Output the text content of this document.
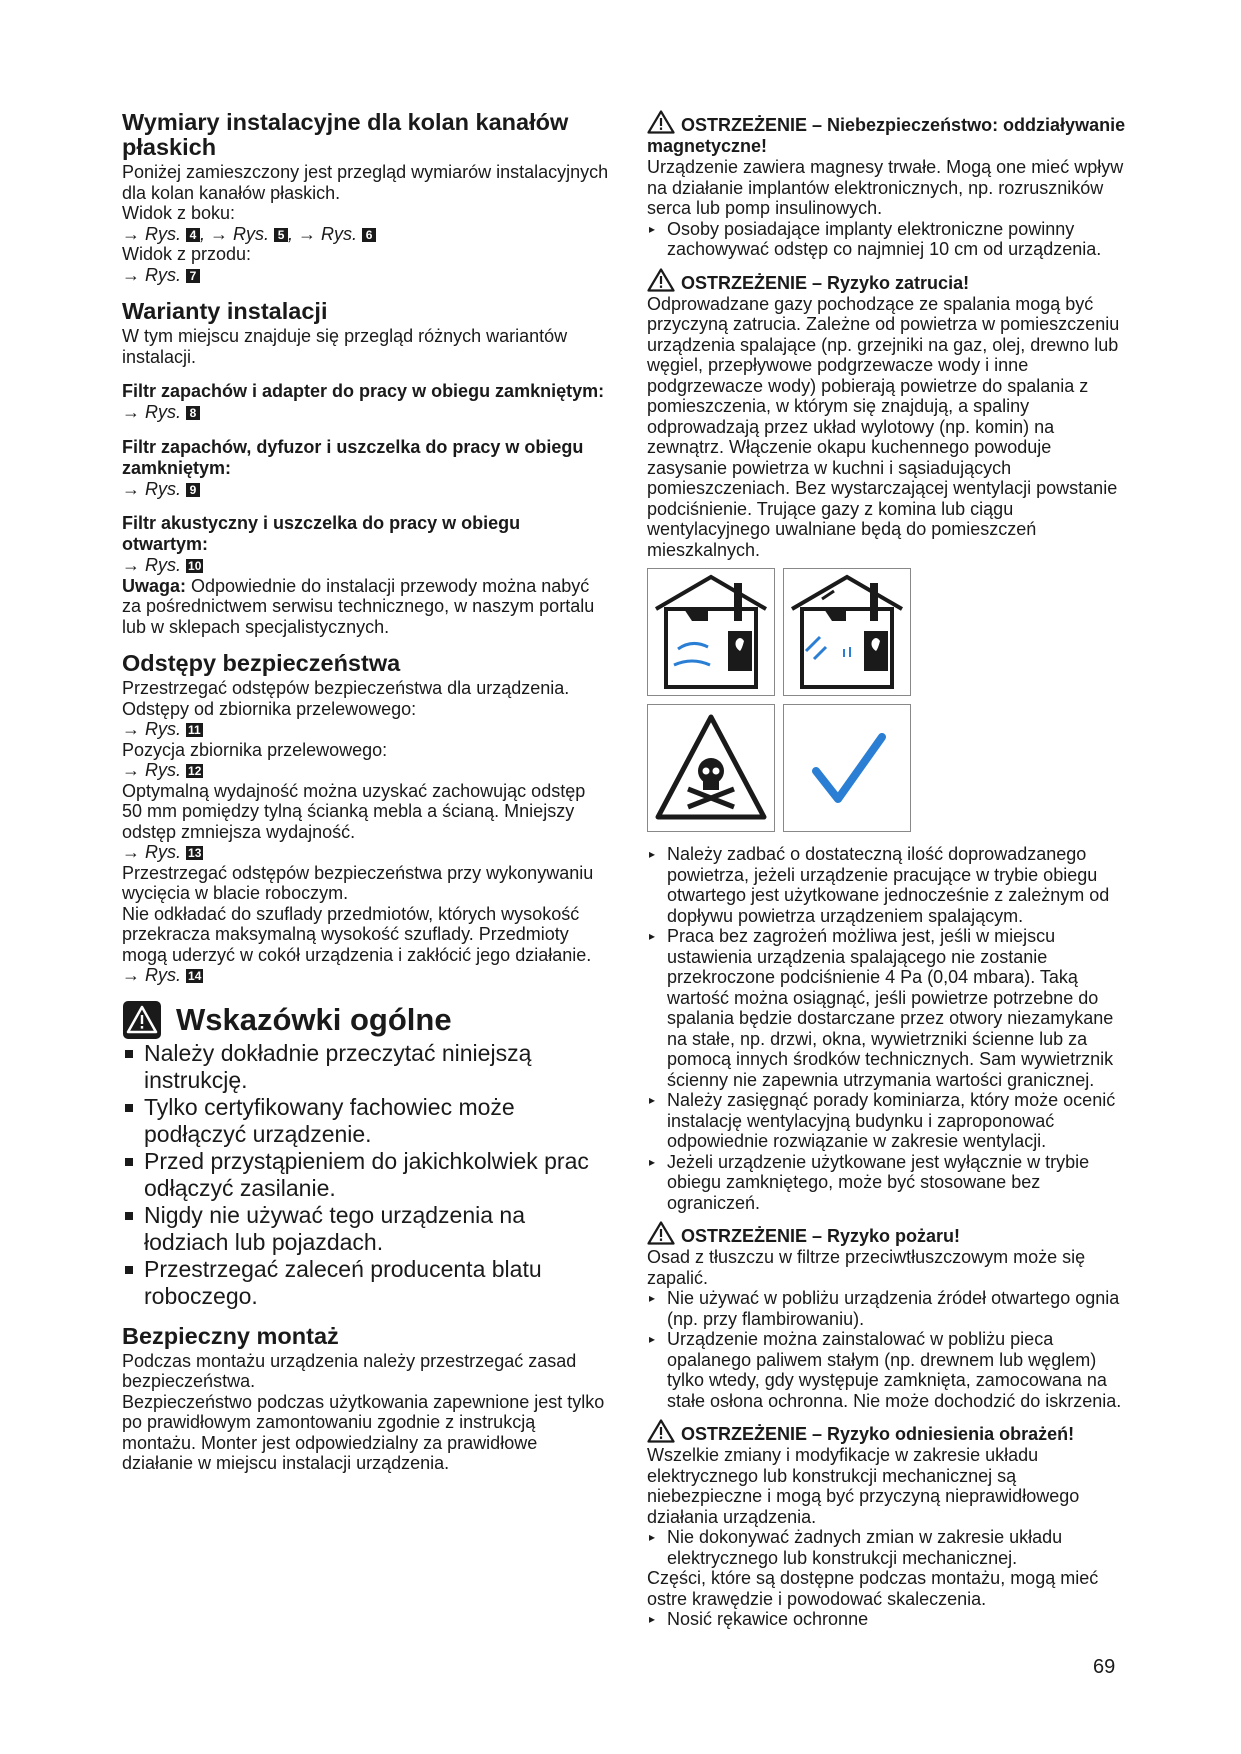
Wymiary instalacyjne dla kolan kanałów płaskich

Poniżej zamieszczony jest przegląd wymiarów instalacyjnych dla kolan kanałów płaskich.

Widok z boku:

→ Rys. 4 , → Rys. 5 , → Rys. 6

Widok z przodu:

→ Rys. 7

Warianty instalacji

W tym miejscu znajduje się przegląd różnych wariantów instalacji.

Filtr zapachów i adapter do pracy w obiegu zamkniętym:

→ Rys. 8

Filtr zapachów, dyfuzor i uszczelka do pracy w obiegu zamkniętym:

→ Rys. 9

Filtr akustyczny i uszczelka do pracy w obiegu otwartym:

→ Rys. 10

Uwaga: Odpowiednie do instalacji przewody można nabyć za pośrednictwem serwisu technicznego, w naszym portalu lub w sklepach specjalistycznych.

Odstępy bezpieczeństwa

Przestrzegać odstępów bezpieczeństwa dla urządzenia.

Odstępy od zbiornika przelewowego:

→ Rys. 11

Pozycja zbiornika przelewowego:

→ Rys. 12

Optymalną wydajność można uzyskać zachowując odstęp 50 mm pomiędzy tylną ścianką mebla a ścianą. Mniejszy odstęp zmniejsza wydajność.

→ Rys. 13

Przestrzegać odstępów bezpieczeństwa przy wykonywaniu wycięcia w blacie roboczym.

Nie odkładać do szuflady przedmiotów, których wysokość przekracza maksymalną wysokość szuflady. Przedmioty mogą uderzyć w cokół urządzenia i zakłócić jego działanie.

→ Rys. 14

Wskazówki ogólne
Należy dokładnie przeczytać niniejszą instrukcję.
Tylko certyfikowany fachowiec może podłączyć urządzenie.
Przed przystąpieniem do jakichkolwiek prac odłączyć zasilanie.
Nigdy nie używać tego urządzenia na łodziach lub pojazdach.
Przestrzegać zaleceń producenta blatu roboczego.
Bezpieczny montaż

Podczas montażu urządzenia należy przestrzegać zasad bezpieczeństwa.

Bezpieczeństwo podczas użytkowania zapewnione jest tylko po prawidłowym zamontowaniu zgodnie z instrukcją montażu. Monter jest odpowiedzialny za prawidłowe działanie w miejscu instalacji urządzenia.

OSTRZEŻENIE – Niebezpieczeństwo: oddziaływanie magnetyczne!

Urządzenie zawiera magnesy trwałe. Mogą one mieć wpływ na działanie implantów elektronicznych, np. rozruszników serca lub pomp insulinowych.

▸ Osoby posiadające implanty elektroniczne powinny zachowywać odstęp co najmniej 10 cm od urządzenia.
OSTRZEŻENIE – Ryzyko zatrucia!

Odprowadzane gazy pochodzące ze spalania mogą być przyczyną zatrucia. Zależne od powietrza w pomieszczeniu urządzenia spalające (np. grzejniki na gaz, olej, drewno lub węgiel, przepływowe podgrzewacze wody i inne podgrzewacze wody) pobierają powietrze do spalania z pomieszczenia, w którym się znajdują, a spaliny odprowadzają przez układ wylotowy (np. komin) na zewnątrz. Włączenie okapu kuchennego powoduje zasysanie powietrza w kuchni i sąsiadujących pomieszczeniach. Bez wystarczającej wentylacji powstanie podciśnienie. Trujące gazy z komina lub ciągu wentylacyjnego uwalniane będą do pomieszczeń mieszkalnych.

▸ Należy zadbać o dostateczną ilość doprowadzanego powietrza, jeżeli urządzenie pracujące w trybie obiegu otwartego jest użytkowane jednocześnie z zależnym od dopływu powietrza urządzeniem spalającym.
▸ Praca bez zagrożeń możliwa jest, jeśli w miejscu ustawienia urządzenia spalającego nie zostanie przekroczone podciśnienie 4 Pa (0,04 mbara). Taką wartość można osiągnąć, jeśli powietrze potrzebne do spalania będzie dostarczane przez otwory niezamykane na stałe, np. drzwi, okna, wywietrzniki ścienne lub za pomocą innych środków technicznych. Sam wywietrznik ścienny nie zapewnia utrzymania wartości granicznej.
▸ Należy zasięgnąć porady kominiarza, który może ocenić instalację wentylacyjną budynku i zaproponować odpowiednie rozwiązanie w zakresie wentylacji.
▸ Jeżeli urządzenie użytkowane jest wyłącznie w trybie obiegu zamkniętego, może być stosowane bez ograniczeń.
OSTRZEŻENIE – Ryzyko pożaru!

Osad z tłuszczu w filtrze przeciwtłuszczowym może się zapalić.

▸ Nie używać w pobliżu urządzenia źródeł otwartego ognia (np. przy flambirowaniu).
▸ Urządzenie można zainstalować w pobliżu pieca opalanego paliwem stałym (np. drewnem lub węglem) tylko wtedy, gdy występuje zamknięta, zamocowana na stałe osłona ochronna. Nie może dochodzić do iskrzenia.
OSTRZEŻENIE – Ryzyko odniesienia obrażeń!

Wszelkie zmiany i modyfikacje w zakresie układu elektrycznego lub konstrukcji mechanicznej są niebezpieczne i mogą być przyczyną nieprawidłowego działania urządzenia.

▸ Nie dokonywać żadnych zmian w zakresie układu elektrycznego lub konstrukcji mechanicznej.

Części, które są dostępne podczas montażu, mogą mieć ostre krawędzie i powodować skaleczenia.

▸ Nosić rękawice ochronne
69
